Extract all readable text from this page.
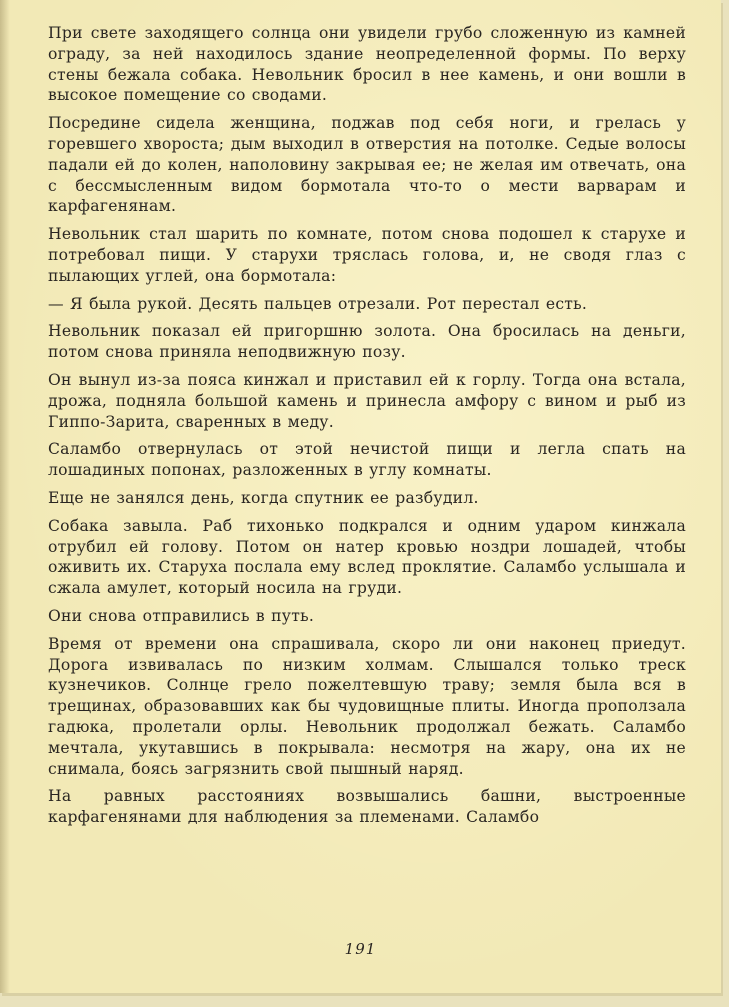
При свете заходящего солнца они увидели грубо сложенную из камней ограду, за ней находилось здание неопределенной формы. По верху стены бежала собака. Невольник бросил в нее камень, и они вошли в высокое помещение со сводами.

Посредине сидела женщина, поджав под себя ноги, и грелась у горевшего хвороста; дым выходил в отверстия на потолке. Седые волосы падали ей до колен, наполовину закрывая ее; не желая им отвечать, она с бессмысленным видом бормотала что-то о мести варварам и карфагенянам.

Невольник стал шарить по комнате, потом снова подошел к старухе и потребовал пищи. У старухи тряслась голова, и, не сводя глаз с пылающих углей, она бормотала:

— Я была рукой. Десять пальцев отрезали. Рот перестал есть.

Невольник показал ей пригоршню золота. Она бросилась на деньги, потом снова приняла неподвижную позу.

Он вынул из-за пояса кинжал и приставил ей к горлу. Тогда она встала, дрожа, подняла большой камень и принесла амфору с вином и рыб из Гиппо-Зарита, сваренных в меду.

Саламбо отвернулась от этой нечистой пищи и легла спать на лошадиных попонах, разложенных в углу комнаты.

Еще не занялся день, когда спутник ее разбудил.

Собака завыла. Раб тихонько подкрался и одним ударом кинжала отрубил ей голову. Потом он натер кровью ноздри лошадей, чтобы оживить их. Старуха послала ему вслед проклятие. Саламбо услышала и сжала амулет, который носила на груди.

Они снова отправились в путь.

Время от времени она спрашивала, скоро ли они наконец приедут. Дорога извивалась по низким холмам. Слышался только треск кузнечиков. Солнце грело пожелтевшую траву; земля была вся в трещинах, образовавших как бы чудовищные плиты. Иногда проползала гадюка, пролетали орлы. Невольник продолжал бежать. Саламбо мечтала, укутавшись в покрывала: несмотря на жару, она их не снимала, боясь загрязнить свой пышный наряд.

На равных расстояниях возвышались башни, выстроенные карфагенянами для наблюдения за племенами. Саламбо

191
